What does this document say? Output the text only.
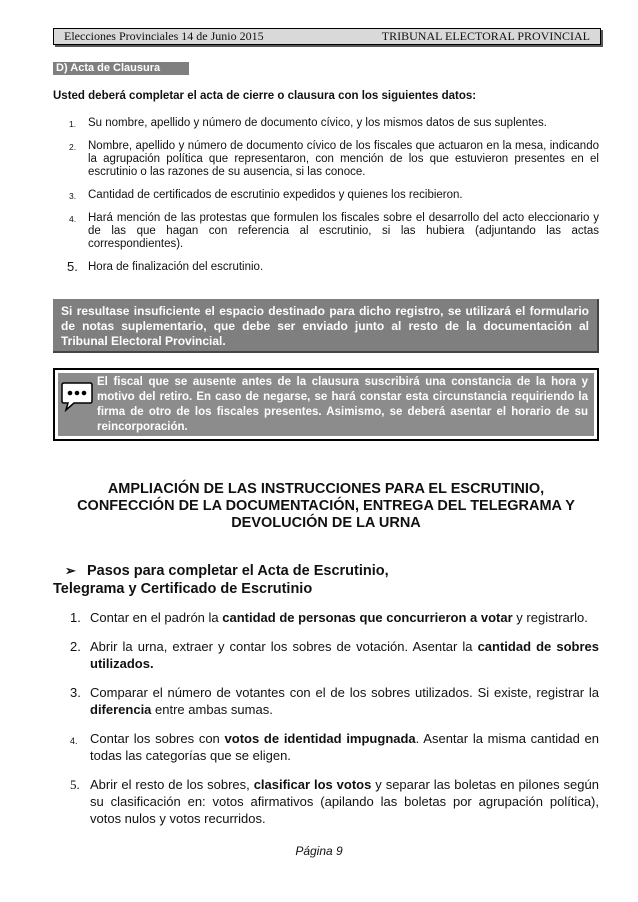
Elecciones Provinciales 14 de Junio 2015	TRIBUNAL ELECTORAL PROVINCIAL
D) Acta de Clausura
Usted deberá completar el acta de cierre o clausura con los siguientes datos:
1. Su nombre, apellido y número de documento cívico, y los mismos datos de sus suplentes.
2. Nombre, apellido y número de documento cívico de los fiscales que actuaron en la mesa, indicando la agrupación política que representaron, con mención de los que estuvieron presentes en el escrutinio o las razones de su ausencia, si las conoce.
3. Cantidad de certificados de escrutinio expedidos y quienes los recibieron.
4. Hará mención de las protestas que formulen los fiscales sobre el desarrollo del acto eleccionario y de las que hagan con referencia al escrutinio, si las hubiera (adjuntando las actas correspondientes).
5. Hora de finalización del escrutinio.
Si resultase insuficiente el espacio destinado para dicho registro, se utilizará el formulario de notas suplementario, que debe ser enviado junto al resto de la documentación al Tribunal Electoral Provincial.
El fiscal que se ausente antes de la clausura suscribirá una constancia de la hora y motivo del retiro. En caso de negarse, se hará constar esta circunstancia requiriendo la firma de otro de los fiscales presentes. Asimismo, se deberá asentar el horario de su reincorporación.
AMPLIACIÓN DE LAS INSTRUCCIONES PARA EL ESCRUTINIO,
CONFECCIÓN DE LA DOCUMENTACIÓN, ENTREGA DEL TELEGRAMA Y
DEVOLUCIÓN DE LA URNA
➢ Pasos para completar el Acta de Escrutinio,
Telegrama y Certificado de Escrutinio
1. Contar en el padrón la cantidad de personas que concurrieron a votar y registrarlo.
2. Abrir la urna, extraer y contar los sobres de votación. Asentar la cantidad de sobres utilizados.
3. Comparar el número de votantes con el de los sobres utilizados. Si existe, registrar la diferencia entre ambas sumas.
4. Contar los sobres con votos de identidad impugnada. Asentar la misma cantidad en todas las categorías que se eligen.
5. Abrir el resto de los sobres, clasificar los votos y separar las boletas en pilones según su clasificación en: votos afirmativos (apilando las boletas por agrupación política), votos nulos y votos recurridos.
Página 9
